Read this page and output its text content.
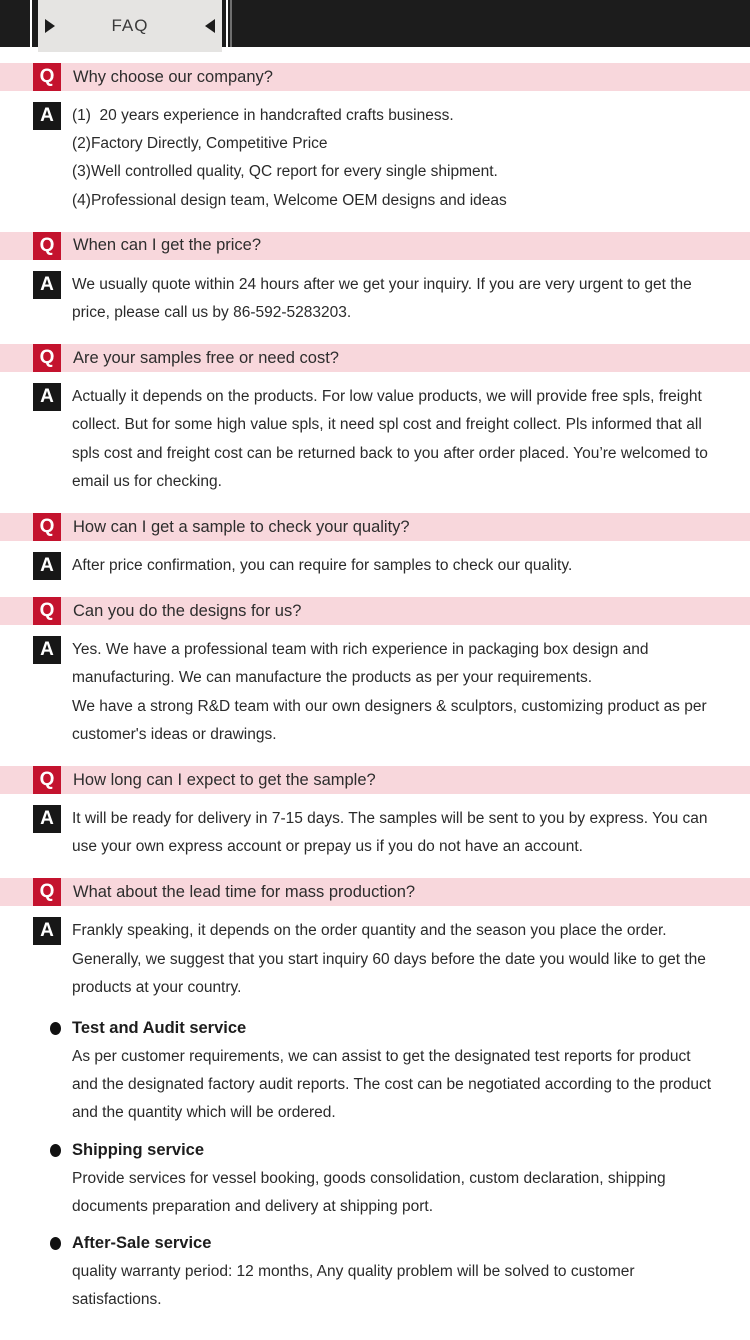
FAQ
Q	Why choose our company?
A	(1)  20 years experience in handcrafted crafts business.
(2)Factory Directly, Competitive Price
(3)Well controlled quality, QC report for every single shipment.
(4)Professional design team, Welcome OEM designs and ideas
Q	When can I get the price?
A	We usually quote within 24 hours after we get your inquiry. If you are very urgent to get the
price, please call us by 86-592-5283203.
Q	Are your samples free or need cost?
A	Actually it depends on the products. For low value products, we will provide free spls, freight
collect. But for some high value spls, it need spl cost and freight collect. Pls informed that all
spls cost and freight cost can be returned back to you after order placed. You’re welcomed to
email us for checking.
Q	How can I get a sample to check your quality?
A	After price confirmation, you can require for samples to check our quality.
Q	Can you do the designs for us?
A	Yes. We have a professional team with rich experience in packaging box design and
manufacturing. We can manufacture the products as per your requirements.
We have a strong R&D team with our own designers & sculptors, customizing product as per
customer's ideas or drawings.
Q	How long can I expect to get the sample?
A	It will be ready for delivery in 7-15 days. The samples will be sent to you by express. You can
use your own express account or prepay us if you do not have an account.
Q	What about the lead time for mass production?
A	Frankly speaking, it depends on the order quantity and the season you place the order.
Generally, we suggest that you start inquiry 60 days before the date you would like to get the
products at your country.
Test and Audit service
As per customer requirements, we can assist to get the designated test reports for product
and the designated factory audit reports. The cost can be negotiated according to the product
and the quantity which will be ordered.
Shipping service
Provide services for vessel booking, goods consolidation, custom declaration, shipping
documents preparation and delivery at shipping port.
After-Sale service
quality warranty period: 12 months, Any quality problem will be solved to customer
satisfactions.
